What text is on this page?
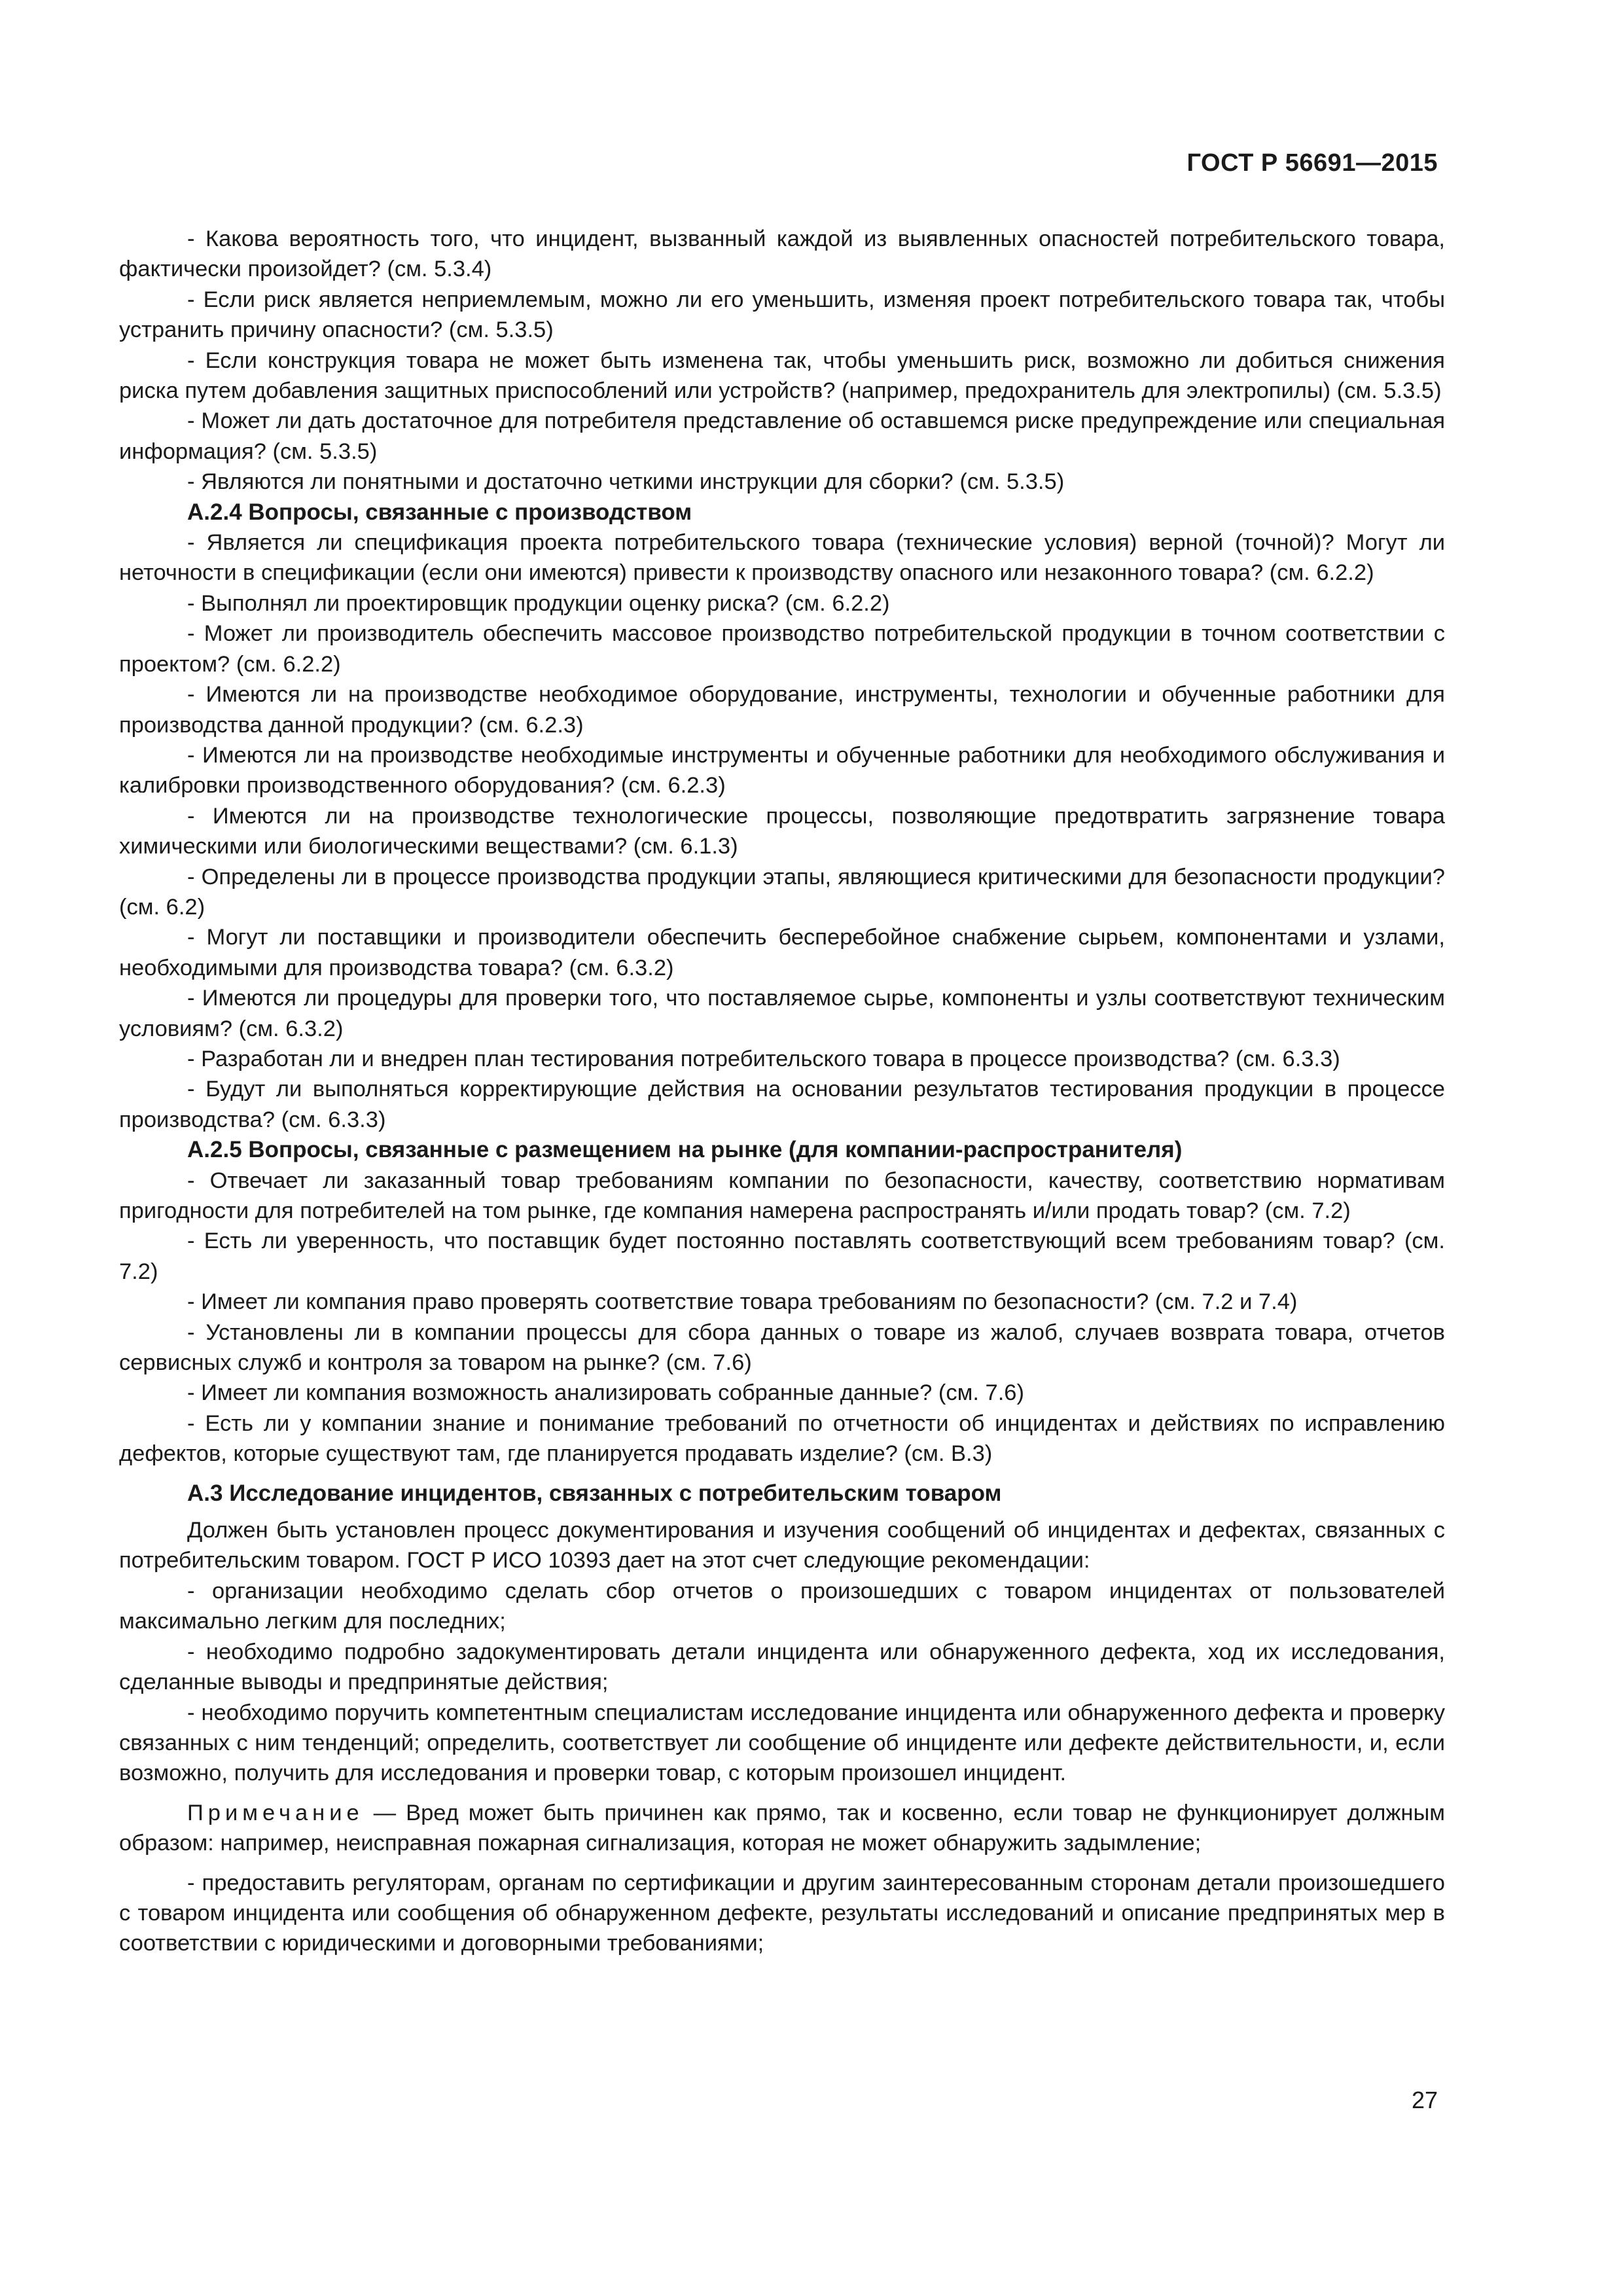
ГОСТ Р 56691—2015

- Какова вероятность того, что инцидент, вызванный каждой из выявленных опасностей потребительского товара, фактически произойдет? (см. 5.3.4)

- Если риск является неприемлемым, можно ли его уменьшить, изменяя проект потребительского товара так, чтобы устранить причину опасности? (см. 5.3.5)

- Если конструкция товара не может быть изменена так, чтобы уменьшить риск, возможно ли добиться снижения риска путем добавления защитных приспособлений или устройств? (например, предохранитель для электропилы) (см. 5.3.5)

- Может ли дать достаточное для потребителя представление об оставшемся риске предупреждение или специальная информация? (см. 5.3.5)

- Являются ли понятными и достаточно четкими инструкции для сборки? (см. 5.3.5)

А.2.4 Вопросы, связанные с производством

- Является ли спецификация проекта потребительского товара (технические условия) верной (точной)? Могут ли неточности в спецификации (если они имеются) привести к производству опасного или незаконного товара? (см. 6.2.2)

- Выполнял ли проектировщик продукции оценку риска? (см. 6.2.2)

- Может ли производитель обеспечить массовое производство потребительской продукции в точном соответствии с проектом? (см. 6.2.2)

- Имеются ли на производстве необходимое оборудование, инструменты, технологии и обученные работники для производства данной продукции? (см. 6.2.3)

- Имеются ли на производстве необходимые инструменты и обученные работники для необходимого обслуживания и калибровки производственного оборудования? (см. 6.2.3)

- Имеются ли на производстве технологические процессы, позволяющие предотвратить загрязнение товара химическими или биологическими веществами? (см. 6.1.3)

- Определены ли в процессе производства продукции этапы, являющиеся критическими для безопасности продукции? (см. 6.2)

- Могут ли поставщики и производители обеспечить бесперебойное снабжение сырьем, компонентами и узлами, необходимыми для производства товара? (см. 6.3.2)

- Имеются ли процедуры для проверки того, что поставляемое сырье, компоненты и узлы соответствуют техническим условиям? (см. 6.3.2)

- Разработан ли и внедрен план тестирования потребительского товара в процессе производства? (см. 6.3.3)

- Будут ли выполняться корректирующие действия на основании результатов тестирования продукции в процессе производства? (см. 6.3.3)

А.2.5 Вопросы, связанные с размещением на рынке (для компании-распространителя)

- Отвечает ли заказанный товар требованиям компании по безопасности, качеству, соответствию нормативам пригодности для потребителей на том рынке, где компания намерена распространять и/или продать товар? (см. 7.2)

- Есть ли уверенность, что поставщик будет постоянно поставлять соответствующий всем требованиям товар? (см. 7.2)

- Имеет ли компания право проверять соответствие товара требованиям по безопасности? (см. 7.2 и 7.4)

- Установлены ли в компании процессы для сбора данных о товаре из жалоб, случаев возврата товара, отчетов сервисных служб и контроля за товаром на рынке? (см. 7.6)

- Имеет ли компания возможность анализировать собранные данные? (см. 7.6)

- Есть ли у компании знание и понимание требований по отчетности об инцидентах и действиях по исправлению дефектов, которые существуют там, где планируется продавать изделие? (см. В.3)

А.3 Исследование инцидентов, связанных с потребительским товаром

Должен быть установлен процесс документирования и изучения сообщений об инцидентах и дефектах, связанных с потребительским товаром. ГОСТ Р ИСО 10393 дает на этот счет следующие рекомендации:

- организации необходимо сделать сбор отчетов о произошедших с товаром инцидентах от пользователей максимально легким для последних;

- необходимо подробно задокументировать детали инцидента или обнаруженного дефекта, ход их исследования, сделанные выводы и предпринятые действия;

- необходимо поручить компетентным специалистам исследование инцидента или обнаруженного дефекта и проверку связанных с ним тенденций; определить, соответствует ли сообщение об инциденте или дефекте действительности, и, если возможно, получить для исследования и проверки товар, с которым произошел инцидент.

Примечание — Вред может быть причинен как прямо, так и косвенно, если товар не функционирует должным образом: например, неисправная пожарная сигнализация, которая не может обнаружить задымление;

- предоставить регуляторам, органам по сертификации и другим заинтересованным сторонам детали произошедшего с товаром инцидента или сообщения об обнаруженном дефекте, результаты исследований и описание предпринятых мер в соответствии с юридическими и договорными требованиями;

27
